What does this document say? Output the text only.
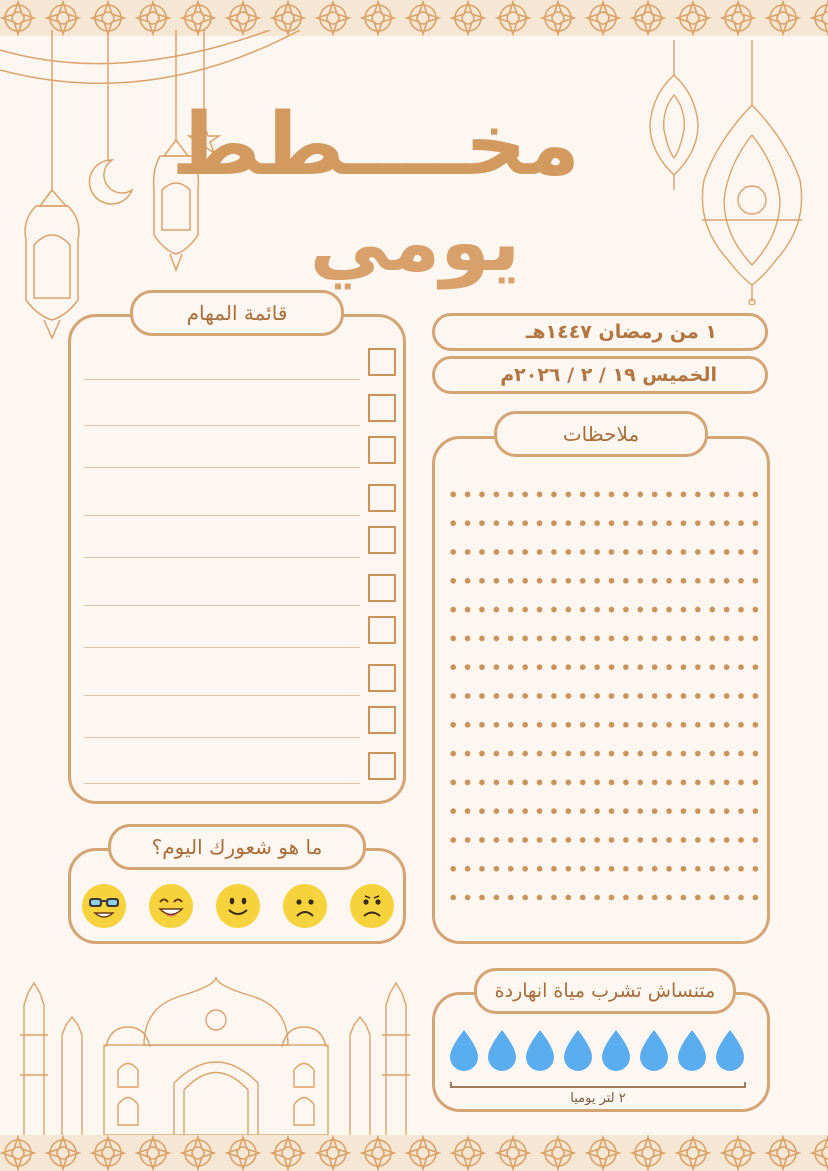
مخــــطط
يومي
قائمة المهام
١ من رمضان ١٤٤٧هـ
الخميس ١٩ / ٢ / ٢٠٢٦م
ملاحظات
ما هو شعورك اليوم؟
متنساش تشرب مياة انهاردة
٢ لتر يوميا
